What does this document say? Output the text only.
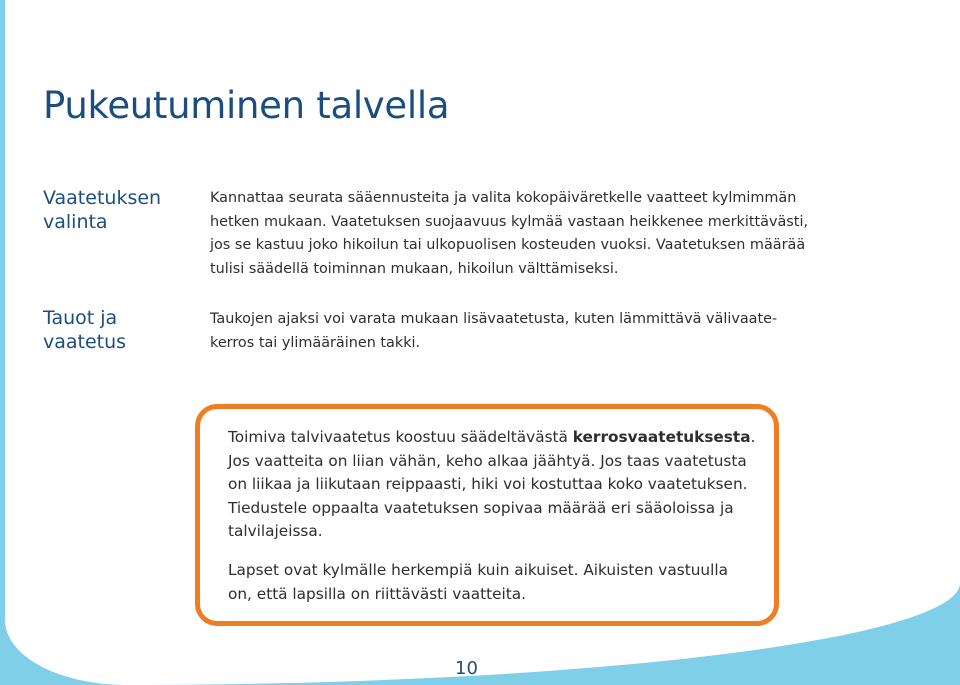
Pukeutuminen talvella

Vaatetuksen
valinta

Kannattaa seurata sääennusteita ja valita kokopäiväretkelle vaatteet kylmimmän
hetken mukaan. Vaatetuksen suojaavuus kylmää vastaan heikkenee merkittävästi,
jos se kastuu joko hikoilun tai ulkopuolisen kosteuden vuoksi. Vaatetuksen määrää
tulisi säädellä toiminnan mukaan, hikoilun välttämiseksi.

Tauot ja
vaatetus

Taukojen ajaksi voi varata mukaan lisävaatetusta, kuten lämmittävä välivaate-
kerros tai ylimääräinen takki.

Toimiva talvivaatetus koostuu säädeltävästä kerrosvaatetuksesta.
Jos vaatteita on liian vähän, keho alkaa jäähtyä. Jos taas vaatetusta
on liikaa ja liikutaan reippaasti, hiki voi kostuttaa koko vaatetuksen.
Tiedustele oppaalta vaatetuksen sopivaa määrää eri sääoloissa ja
talvilajeissa.

Lapset ovat kylmälle herkempiä kuin aikuiset. Aikuisten vastuulla
on, että lapsilla on riittävästi vaatteita.

10
